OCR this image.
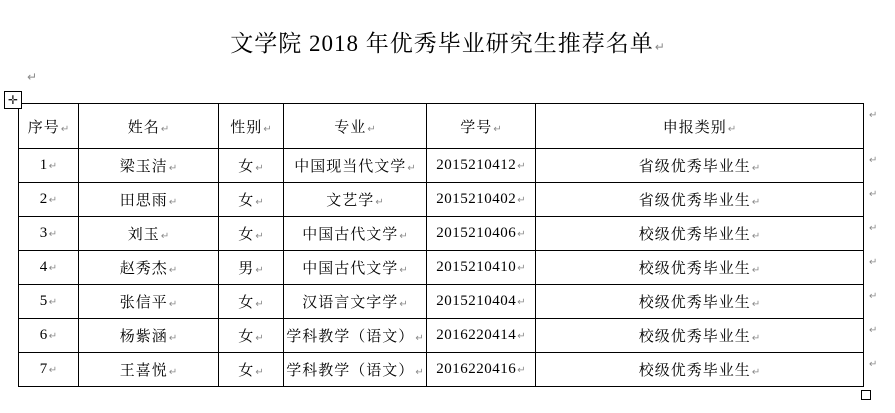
文学院 2018 年优秀毕业研究生推荐名单↵
↵
✛
序号↵	姓名↵	性别↵	专业↵	学号↵	申报类别↵	↵
1↵	梁玉洁↵	女↵	中国现当代文学↵	2015210412↵	省级优秀毕业生↵	↵
2↵	田思雨↵	女↵	文艺学↵	2015210402↵	省级优秀毕业生↵	↵
3↵	刘玉↵	女↵	中国古代文学↵	2015210406↵	校级优秀毕业生↵	↵
4↵	赵秀杰↵	男↵	中国古代文学↵	2015210410↵	校级优秀毕业生↵	↵
5↵	张信平↵	女↵	汉语言文字学↵	2015210404↵	校级优秀毕业生↵	↵
6↵	杨紫涵↵	女↵	学科教学（语文）↵	2016220414↵	校级优秀毕业生↵	↵
7↵	王喜悦↵	女↵	学科教学（语文）↵	2016220416↵	校级优秀毕业生↵	↵
